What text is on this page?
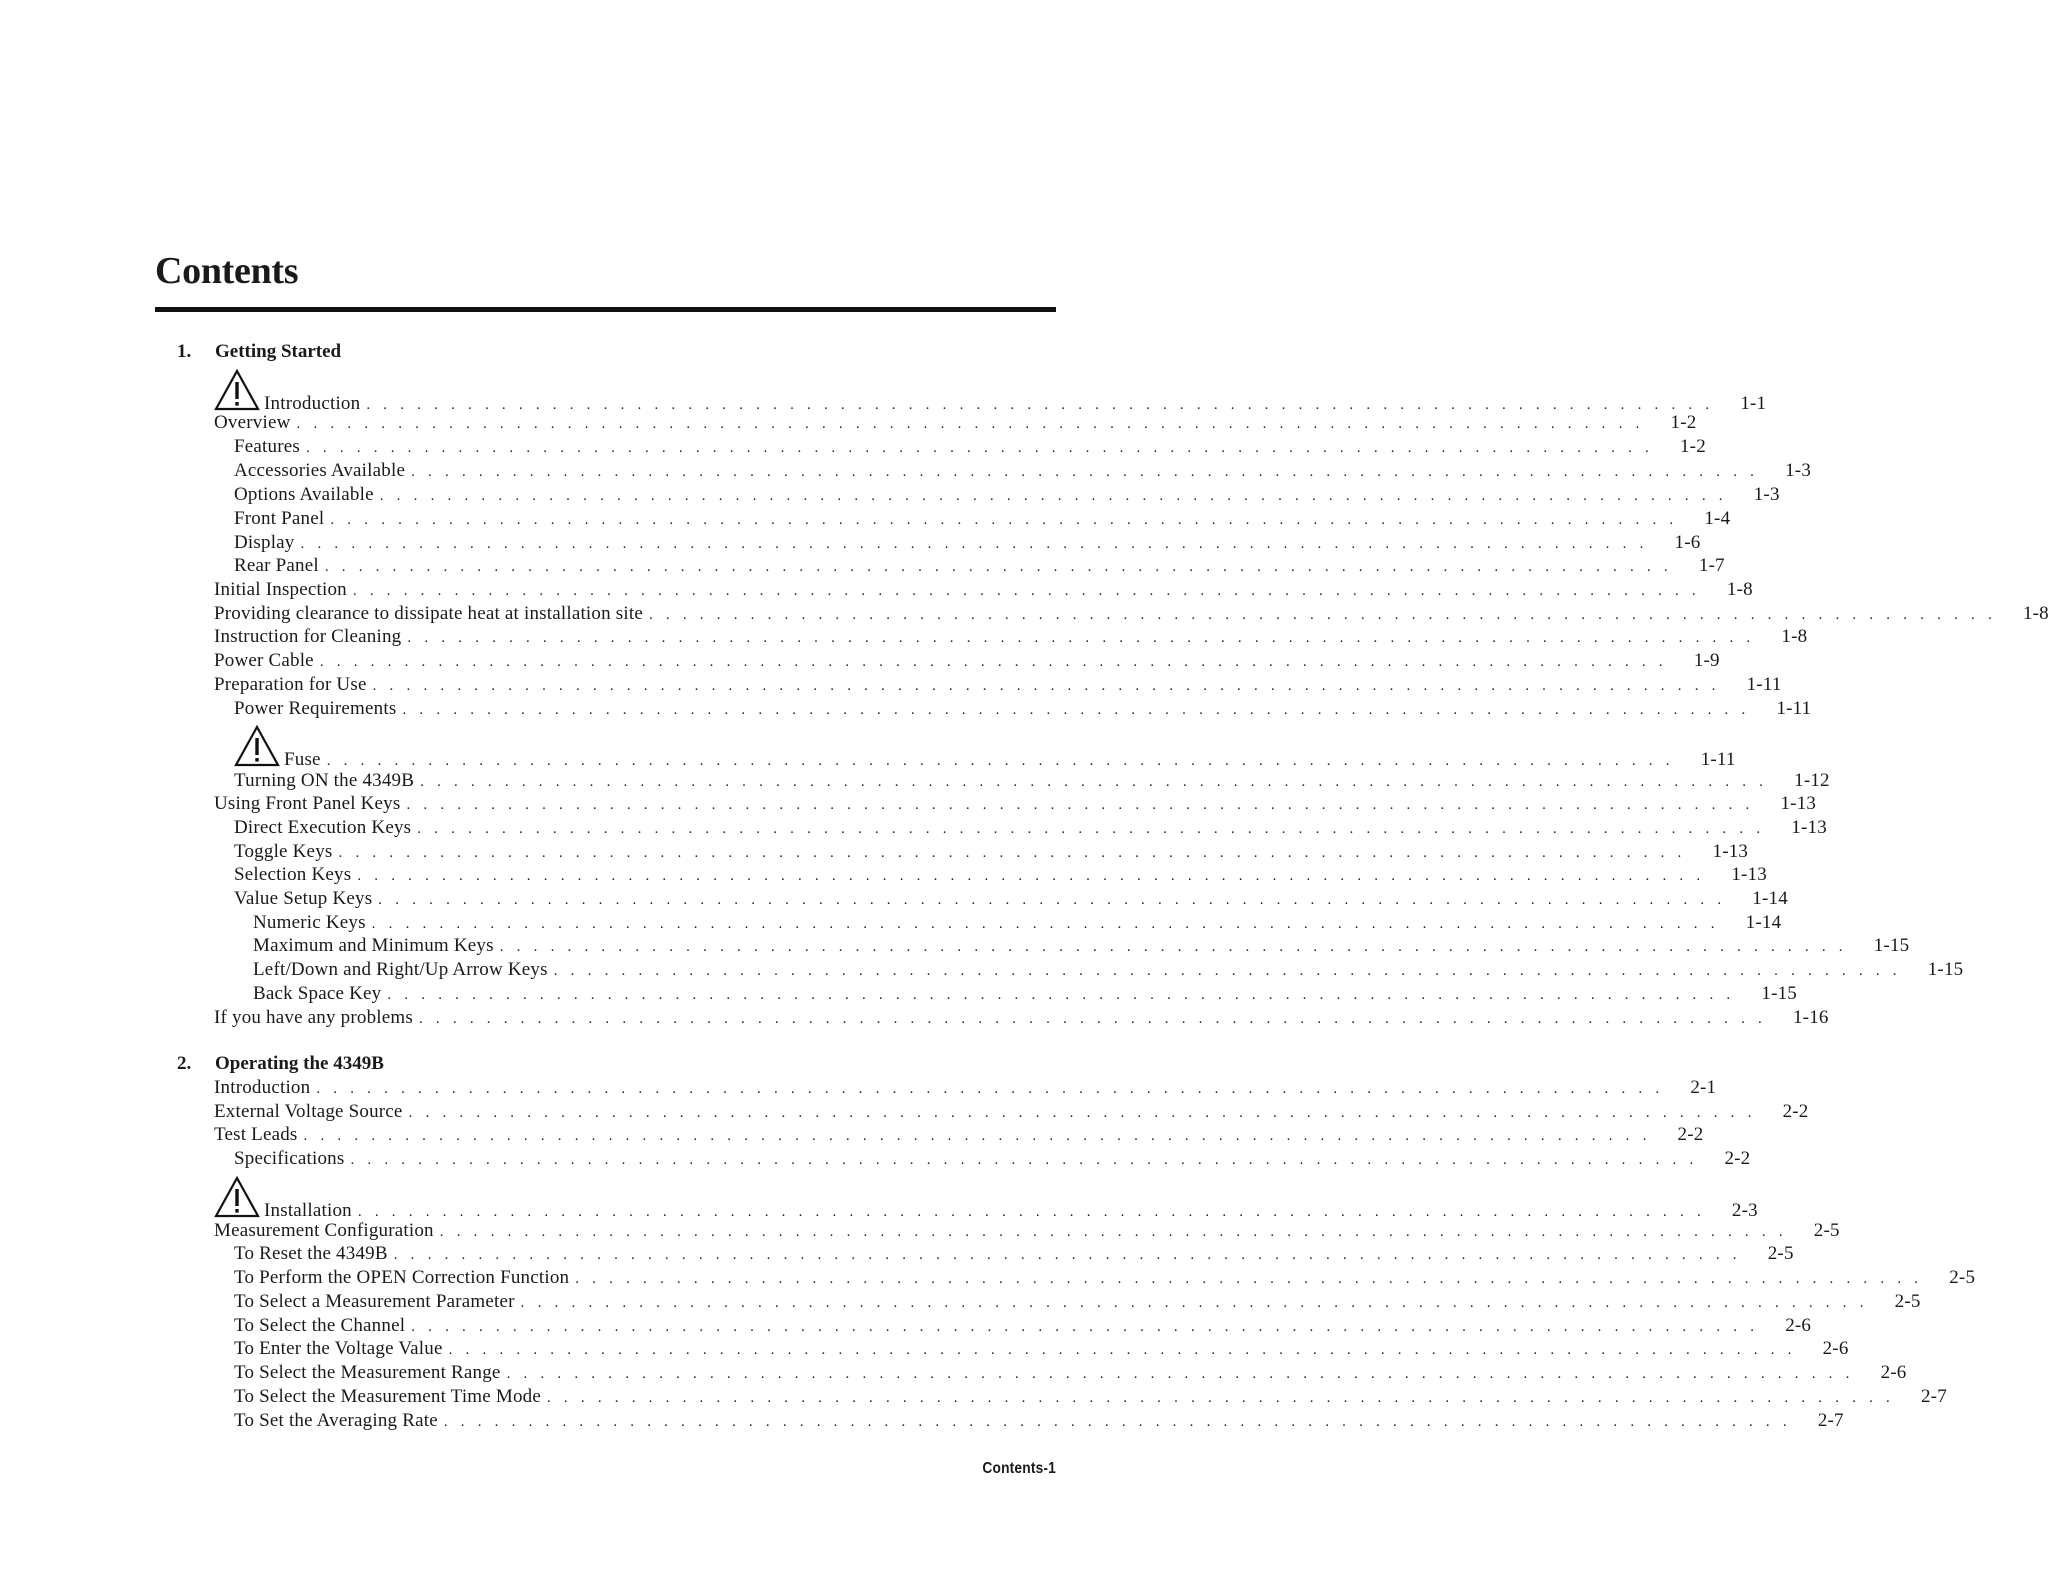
Contents
1. Getting Started
2. Operating the 4349B
Introduction ................................................................................ 1-1
Overview ................................................................................ 1-2
Features ................................................................................ 1-2
Accessories Available ................................................................................ 1-3
Options Available ................................................................................ 1-3
Front Panel ................................................................................ 1-4
Display ................................................................................ 1-6
Rear Panel ................................................................................ 1-7
Initial Inspection ................................................................................ 1-8
Providing clearance to dissipate heat at installation site ................................................................................ 1-8
Instruction for Cleaning ................................................................................ 1-8
Power Cable ................................................................................ 1-9
Preparation for Use ................................................................................ 1-11
Power Requirements ................................................................................ 1-11
Fuse ................................................................................ 1-11
Turning ON the 4349B ................................................................................ 1-12
Using Front Panel Keys ................................................................................ 1-13
Direct Execution Keys ................................................................................ 1-13
Toggle Keys ................................................................................ 1-13
Selection Keys ................................................................................ 1-13
Value Setup Keys ................................................................................ 1-14
Numeric Keys ................................................................................ 1-14
Maximum and Minimum Keys ................................................................................ 1-15
Left/Down and Right/Up Arrow Keys ................................................................................ 1-15
Back Space Key ................................................................................ 1-15
If you have any problems ................................................................................ 1-16
Introduction ................................................................................ 2-1
External Voltage Source ................................................................................ 2-2
Test Leads ................................................................................ 2-2
Specifications ................................................................................ 2-2
Installation ................................................................................ 2-3
Measurement Configuration ................................................................................ 2-5
To Reset the 4349B ................................................................................ 2-5
To Perform the OPEN Correction Function ................................................................................ 2-5
To Select a Measurement Parameter ................................................................................ 2-5
To Select the Channel ................................................................................ 2-6
To Enter the Voltage Value ................................................................................ 2-6
To Select the Measurement Range ................................................................................ 2-6
To Select the Measurement Time Mode ................................................................................ 2-7
To Set the Averaging Rate ................................................................................ 2-7
Contents-1
